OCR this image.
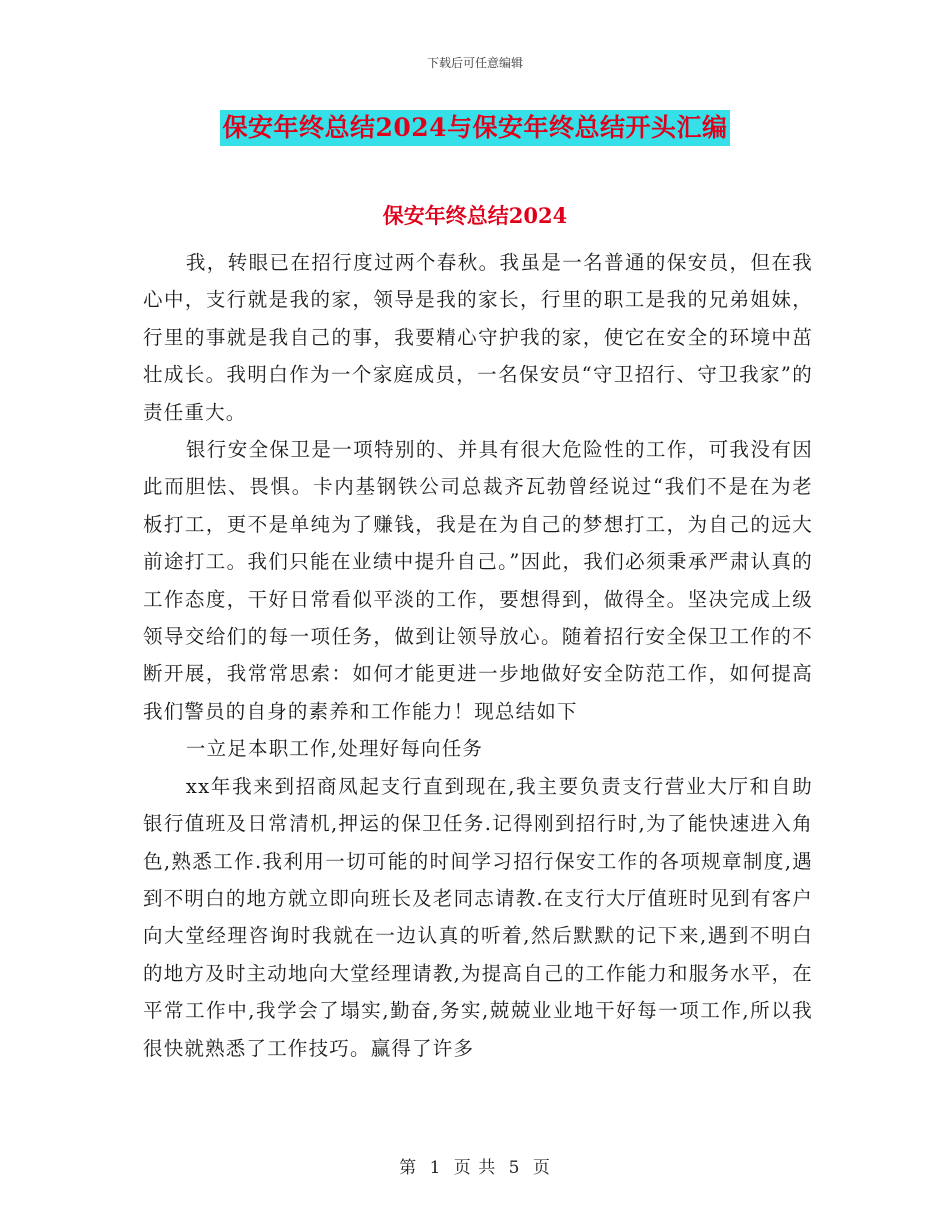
下载后可任意编辑
保安年终总结2024与保安年终总结开头汇编
保安年终总结2024

我，转眼已在招行度过两个春秋。我虽是一名普通的保安员，但在我心中，支行就是我的家，领导是我的家长，行里的职工是我的兄弟姐妹，行里的事就是我自己的事，我要精心守护我的家，使它在安全的环境中茁壮成长。我明白作为一个家庭成员，一名保安员“守卫招行、守卫我家”的责任重大。

银行安全保卫是一项特别的、并具有很大危险性的工作，可我没有因此而胆怯、畏惧。卡内基钢铁公司总裁齐瓦勃曾经说过“我们不是在为老板打工，更不是单纯为了赚钱，我是在为自己的梦想打工，为自己的远大前途打工。我们只能在业绩中提升自己。”因此，我们必须秉承严肃认真的工作态度，干好日常看似平淡的工作，要想得到，做得全。坚决完成上级领导交给们的每一项任务，做到让领导放心。随着招行安全保卫工作的不断开展，我常常思索：如何才能更进一步地做好安全防范工作，如何提高我们警员的自身的素养和工作能力！现总结如下

一立足本职工作,处理好每向任务

xx年我来到招商凤起支行直到现在,我主要负责支行营业大厅和自助银行值班及日常清机,押运的保卫任务.记得刚到招行时,为了能快速进入角色,熟悉工作.我利用一切可能的时间学习招行保安工作的各项规章制度,遇到不明白的地方就立即向班长及老同志请教.在支行大厅值班时见到有客户向大堂经理咨询时我就在一边认真的听着,然后默默的记下来,遇到不明白的地方及时主动地向大堂经理请教,为提高自己的工作能力和服务水平，在平常工作中,我学会了塌实,勤奋,务实,兢兢业业地干好每一项工作,所以我很快就熟悉了工作技巧。赢得了许多

第 1 页 共 5 页
